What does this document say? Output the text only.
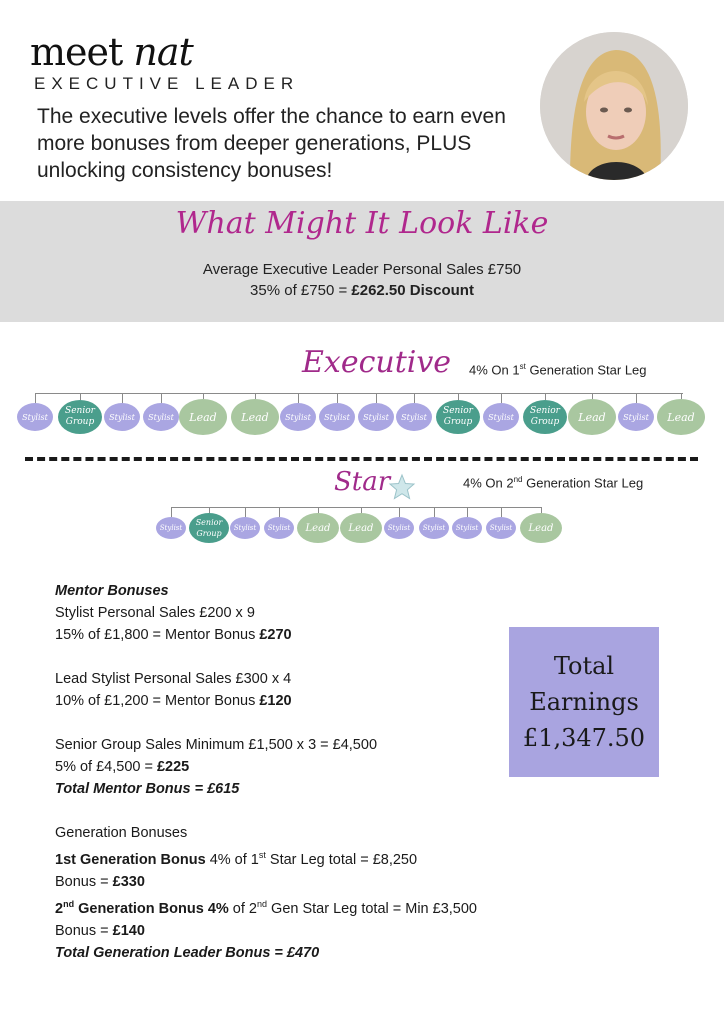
meet nat
EXECUTIVE LEADER
The executive levels offer the chance to earn even more bonuses from deeper generations, PLUS unlocking consistency bonuses!
What Might It Look Like
Average Executive Leader Personal Sales £750
35% of £750 = £262.50 Discount
Executive 4% On 1st Generation Star Leg
Stylist
Senior Group	Stylist	Stylist	Lead	Lead	Stylist	Stylist	Stylist	Stylist
Senior Group	Stylist
Senior Group	Lead	Stylist	Lead
Star	4% On 2nd Generation Star Leg
Stylist
Senior Group
Stylist	Stylist	Lead	Lead	Stylist	Stylist	Stylist	Stylist	Lead

Mentor Bonuses

Stylist Personal Sales £200 x 9

15% of £1,800 = Mentor Bonus £270

Lead Stylist Personal Sales £300 x 4

10% of £1,200 = Mentor Bonus £120

Senior Group Sales Minimum £1,500 x 3 = £4,500

5% of £4,500 = £225

Total Mentor Bonus = £615

Generation Bonuses

1st Generation Bonus 4% of 1st Star Leg total = £8,250

Bonus = £330

2nd Generation Bonus 4% of 2nd Gen Star Leg total = Min £3,500

Bonus = £140

Total Generation Leader Bonus = £470

Total
Earnings
£1,347.50
